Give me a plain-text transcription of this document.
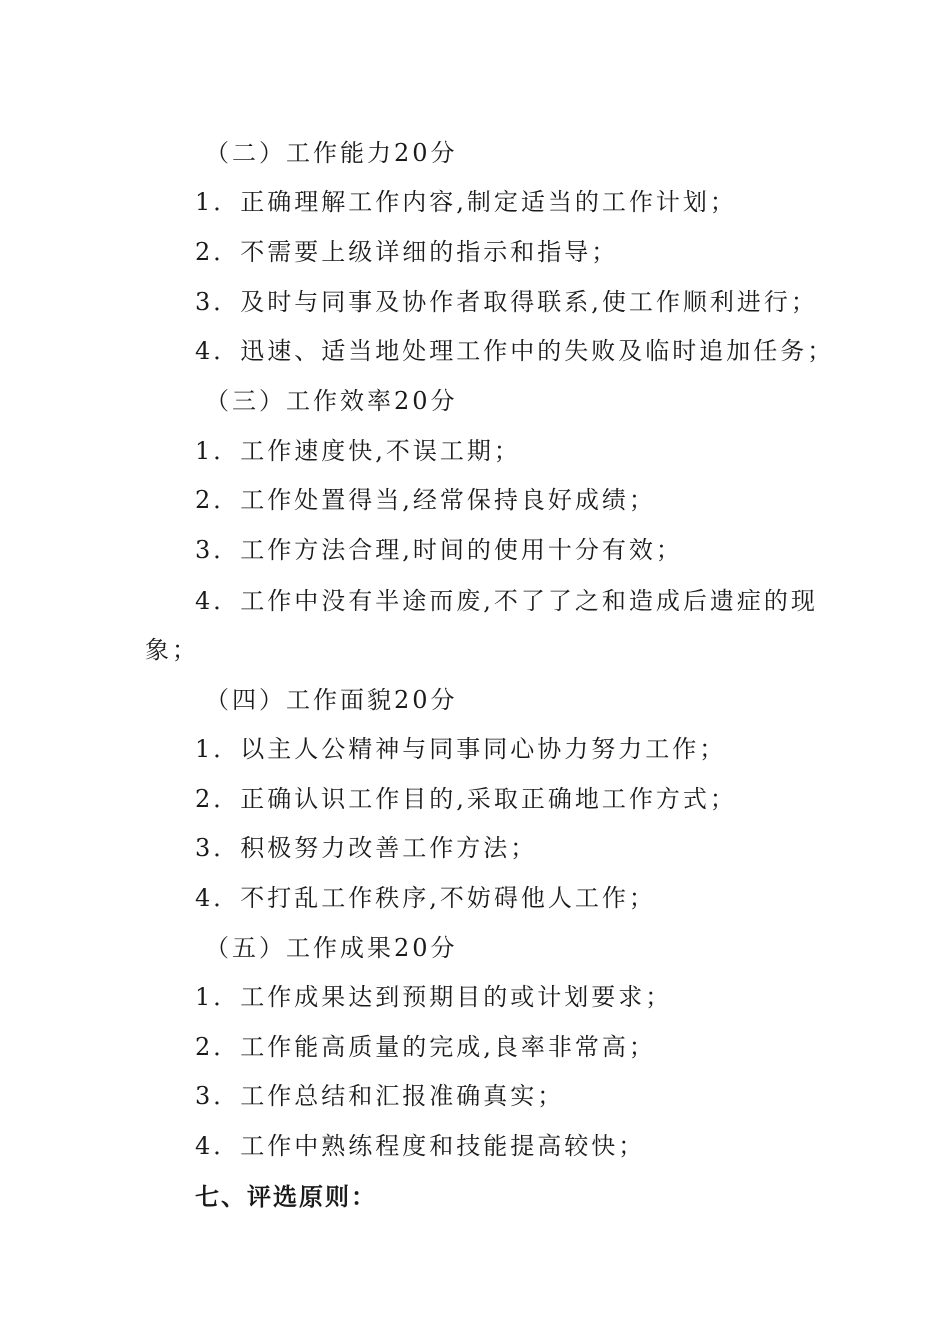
（二）工作能力20分
1．正确理解工作内容,制定适当的工作计划；
2．不需要上级详细的指示和指导；
3．及时与同事及协作者取得联系,使工作顺利进行；
4．迅速、适当地处理工作中的失败及临时追加任务；
（三）工作效率20分
1．工作速度快,不误工期；
2．工作处置得当,经常保持良好成绩；
3．工作方法合理,时间的使用十分有效；
4．工作中没有半途而废,不了了之和造成后遗症的现
象；
（四）工作面貌20分
1．以主人公精神与同事同心协力努力工作；
2．正确认识工作目的,采取正确地工作方式；
3．积极努力改善工作方法；
4．不打乱工作秩序,不妨碍他人工作；
（五）工作成果20分
1．工作成果达到预期目的或计划要求；
2．工作能高质量的完成,良率非常高；
3．工作总结和汇报准确真实；
4．工作中熟练程度和技能提高较快；
七、评选原则：
